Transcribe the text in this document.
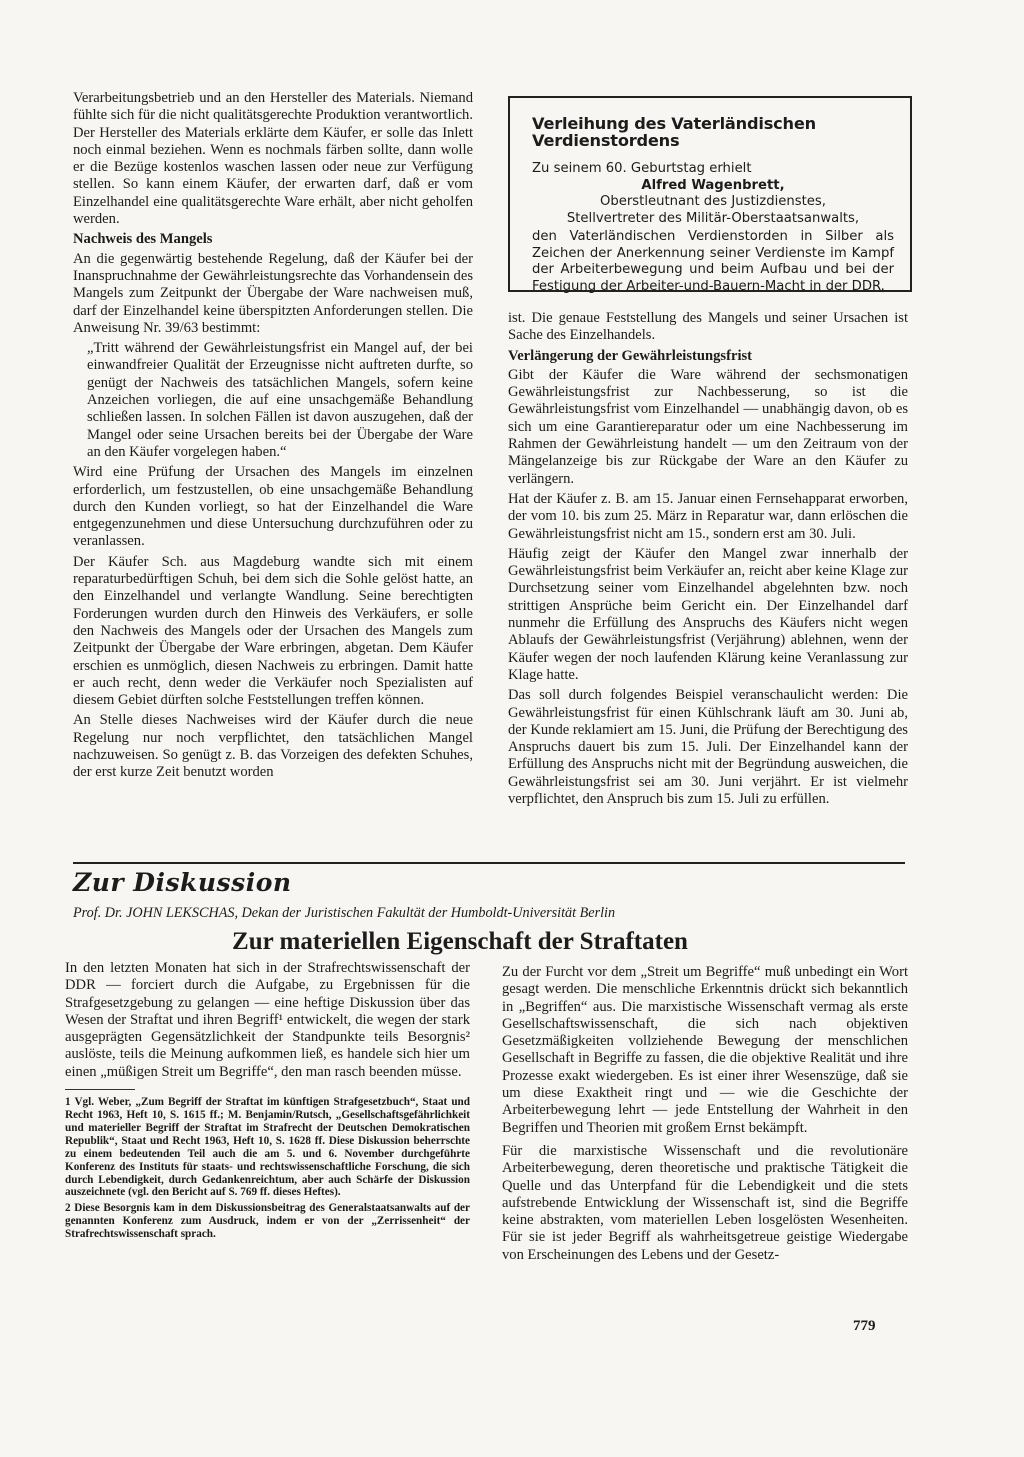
Verarbeitungsbetrieb und an den Hersteller des Materials. Niemand fühlte sich für die nicht qualitätsgerechte Produktion verantwortlich. Der Hersteller des Materials erklärte dem Käufer, er solle das Inlett noch einmal beziehen. Wenn es nochmals färben sollte, dann wolle er die Bezüge kostenlos waschen lassen oder neue zur Verfügung stellen. So kann einem Käufer, der erwarten darf, daß er vom Einzelhandel eine qualitätsgerechte Ware erhält, aber nicht geholfen werden.

Nachweis des Mangels

An die gegenwärtig bestehende Regelung, daß der Käufer bei der Inanspruchnahme der Gewährleistungsrechte das Vorhandensein des Mangels zum Zeitpunkt der Übergabe der Ware nachweisen muß, darf der Einzelhandel keine überspitzten Anforderungen stellen. Die Anweisung Nr. 39/63 bestimmt:

„Tritt während der Gewährleistungsfrist ein Mangel auf, der bei einwandfreier Qualität der Erzeugnisse nicht auftreten durfte, so genügt der Nachweis des tatsächlichen Mangels, sofern keine Anzeichen vorliegen, die auf eine unsachgemäße Behandlung schließen lassen. In solchen Fällen ist davon auszugehen, daß der Mangel oder seine Ursachen bereits bei der Übergabe der Ware an den Käufer vorgelegen haben.“

Wird eine Prüfung der Ursachen des Mangels im einzelnen erforderlich, um festzustellen, ob eine unsachgemäße Behandlung durch den Kunden vorliegt, so hat der Einzelhandel die Ware entgegenzunehmen und diese Untersuchung durchzuführen oder zu veranlassen.

Der Käufer Sch. aus Magdeburg wandte sich mit einem reparaturbedürftigen Schuh, bei dem sich die Sohle gelöst hatte, an den Einzelhandel und verlangte Wandlung. Seine berechtigten Forderungen wurden durch den Hinweis des Verkäufers, er solle den Nachweis des Mangels oder der Ursachen des Mangels zum Zeitpunkt der Übergabe der Ware erbringen, abgetan. Dem Käufer erschien es unmöglich, diesen Nachweis zu erbringen. Damit hatte er auch recht, denn weder die Verkäufer noch Spezialisten auf diesem Gebiet dürften solche Feststellungen treffen können.

An Stelle dieses Nachweises wird der Käufer durch die neue Regelung nur noch verpflichtet, den tatsächlichen Mangel nachzuweisen. So genügt z. B. das Vorzeigen des defekten Schuhes, der erst kurze Zeit benutzt worden

Verleihung des Vaterländischen Verdienstordens

Zu seinem 60. Geburtstag erhielt

Alfred Wagenbrett,

Oberstleutnant des Justizdienstes,

Stellvertreter des Militär-Oberstaatsanwalts,

den Vaterländischen Verdienstorden in Silber als Zeichen der Anerkennung seiner Verdienste im Kampf der Arbeiterbewegung und beim Aufbau und bei der Festigung der Arbeiter-und-Bauern-Macht in der DDR.

ist. Die genaue Feststellung des Mangels und seiner Ursachen ist Sache des Einzelhandels.

Verlängerung der Gewährleistungsfrist

Gibt der Käufer die Ware während der sechsmonatigen Gewährleistungsfrist zur Nachbesserung, so ist die Gewährleistungsfrist vom Einzelhandel — unabhängig davon, ob es sich um eine Garantiereparatur oder um eine Nachbesserung im Rahmen der Gewährleistung handelt — um den Zeitraum von der Mängelanzeige bis zur Rückgabe der Ware an den Käufer zu verlängern.

Hat der Käufer z. B. am 15. Januar einen Fernsehapparat erworben, der vom 10. bis zum 25. März in Reparatur war, dann erlöschen die Gewährleistungsfrist nicht am 15., sondern erst am 30. Juli.

Häufig zeigt der Käufer den Mangel zwar innerhalb der Gewährleistungsfrist beim Verkäufer an, reicht aber keine Klage zur Durchsetzung seiner vom Einzelhandel abgelehnten bzw. noch strittigen Ansprüche beim Gericht ein. Der Einzelhandel darf nunmehr die Erfüllung des Anspruchs des Käufers nicht wegen Ablaufs der Gewährleistungsfrist (Verjährung) ablehnen, wenn der Käufer wegen der noch laufenden Klärung keine Veranlassung zur Klage hatte.

Das soll durch folgendes Beispiel veranschaulicht werden: Die Gewährleistungsfrist für einen Kühlschrank läuft am 30. Juni ab, der Kunde reklamiert am 15. Juni, die Prüfung der Berechtigung des Anspruchs dauert bis zum 15. Juli. Der Einzelhandel kann der Erfüllung des Anspruchs nicht mit der Begründung ausweichen, die Gewährleistungsfrist sei am 30. Juni verjährt. Er ist vielmehr verpflichtet, den Anspruch bis zum 15. Juli zu erfüllen.

Zur Diskussion
Prof. Dr. JOHN LEKSCHAS, Dekan der Juristischen Fakultät der Humboldt-Universität Berlin
Zur materiellen Eigenschaft der Straftaten

In den letzten Monaten hat sich in der Strafrechtswissenschaft der DDR — forciert durch die Aufgabe, zu Ergebnissen für die Strafgesetzgebung zu gelangen — eine heftige Diskussion über das Wesen der Straftat und ihren Begriff¹ entwickelt, die wegen der stark ausgeprägten Gegensätzlichkeit der Standpunkte teils Besorgnis² auslöste, teils die Meinung aufkommen ließ, es handele sich hier um einen „müßigen Streit um Begriffe“, den man rasch beenden müsse.

1 Vgl. Weber, „Zum Begriff der Straftat im künftigen Strafgesetzbuch“, Staat und Recht 1963, Heft 10, S. 1615 ff.; M. Benjamin/Rutsch, „Gesellschaftsgefährlichkeit und materieller Begriff der Straftat im Strafrecht der Deutschen Demokratischen Republik“, Staat und Recht 1963, Heft 10, S. 1628 ff. Diese Diskussion beherrschte zu einem bedeutenden Teil auch die am 5. und 6. November durchgeführte Konferenz des Instituts für staats- und rechtswissenschaftliche Forschung, die sich durch Lebendigkeit, durch Gedankenreichtum, aber auch Schärfe der Diskussion auszeichnete (vgl. den Bericht auf S. 769 ff. dieses Heftes).

2 Diese Besorgnis kam in dem Diskussionsbeitrag des Generalstaatsanwalts auf der genannten Konferenz zum Ausdruck, indem er von der „Zerrissenheit“ der Strafrechtswissenschaft sprach.

Zu der Furcht vor dem „Streit um Begriffe“ muß unbedingt ein Wort gesagt werden. Die menschliche Erkenntnis drückt sich bekanntlich in „Begriffen“ aus. Die marxistische Wissenschaft vermag als erste Gesellschaftswissenschaft, die sich nach objektiven Gesetzmäßigkeiten vollziehende Bewegung der menschlichen Gesellschaft in Begriffe zu fassen, die die objektive Realität und ihre Prozesse exakt wiedergeben. Es ist einer ihrer Wesenszüge, daß sie um diese Exaktheit ringt und — wie die Geschichte der Arbeiterbewegung lehrt — jede Entstellung der Wahrheit in den Begriffen und Theorien mit großem Ernst bekämpft.

Für die marxistische Wissenschaft und die revolutionäre Arbeiterbewegung, deren theoretische und praktische Tätigkeit die Quelle und das Unterpfand für die Lebendigkeit und die stets aufstrebende Entwicklung der Wissenschaft ist, sind die Begriffe keine abstrakten, vom materiellen Leben losgelösten Wesenheiten. Für sie ist jeder Begriff als wahrheitsgetreue geistige Wiedergabe von Erscheinungen des Lebens und der Gesetz-

779
